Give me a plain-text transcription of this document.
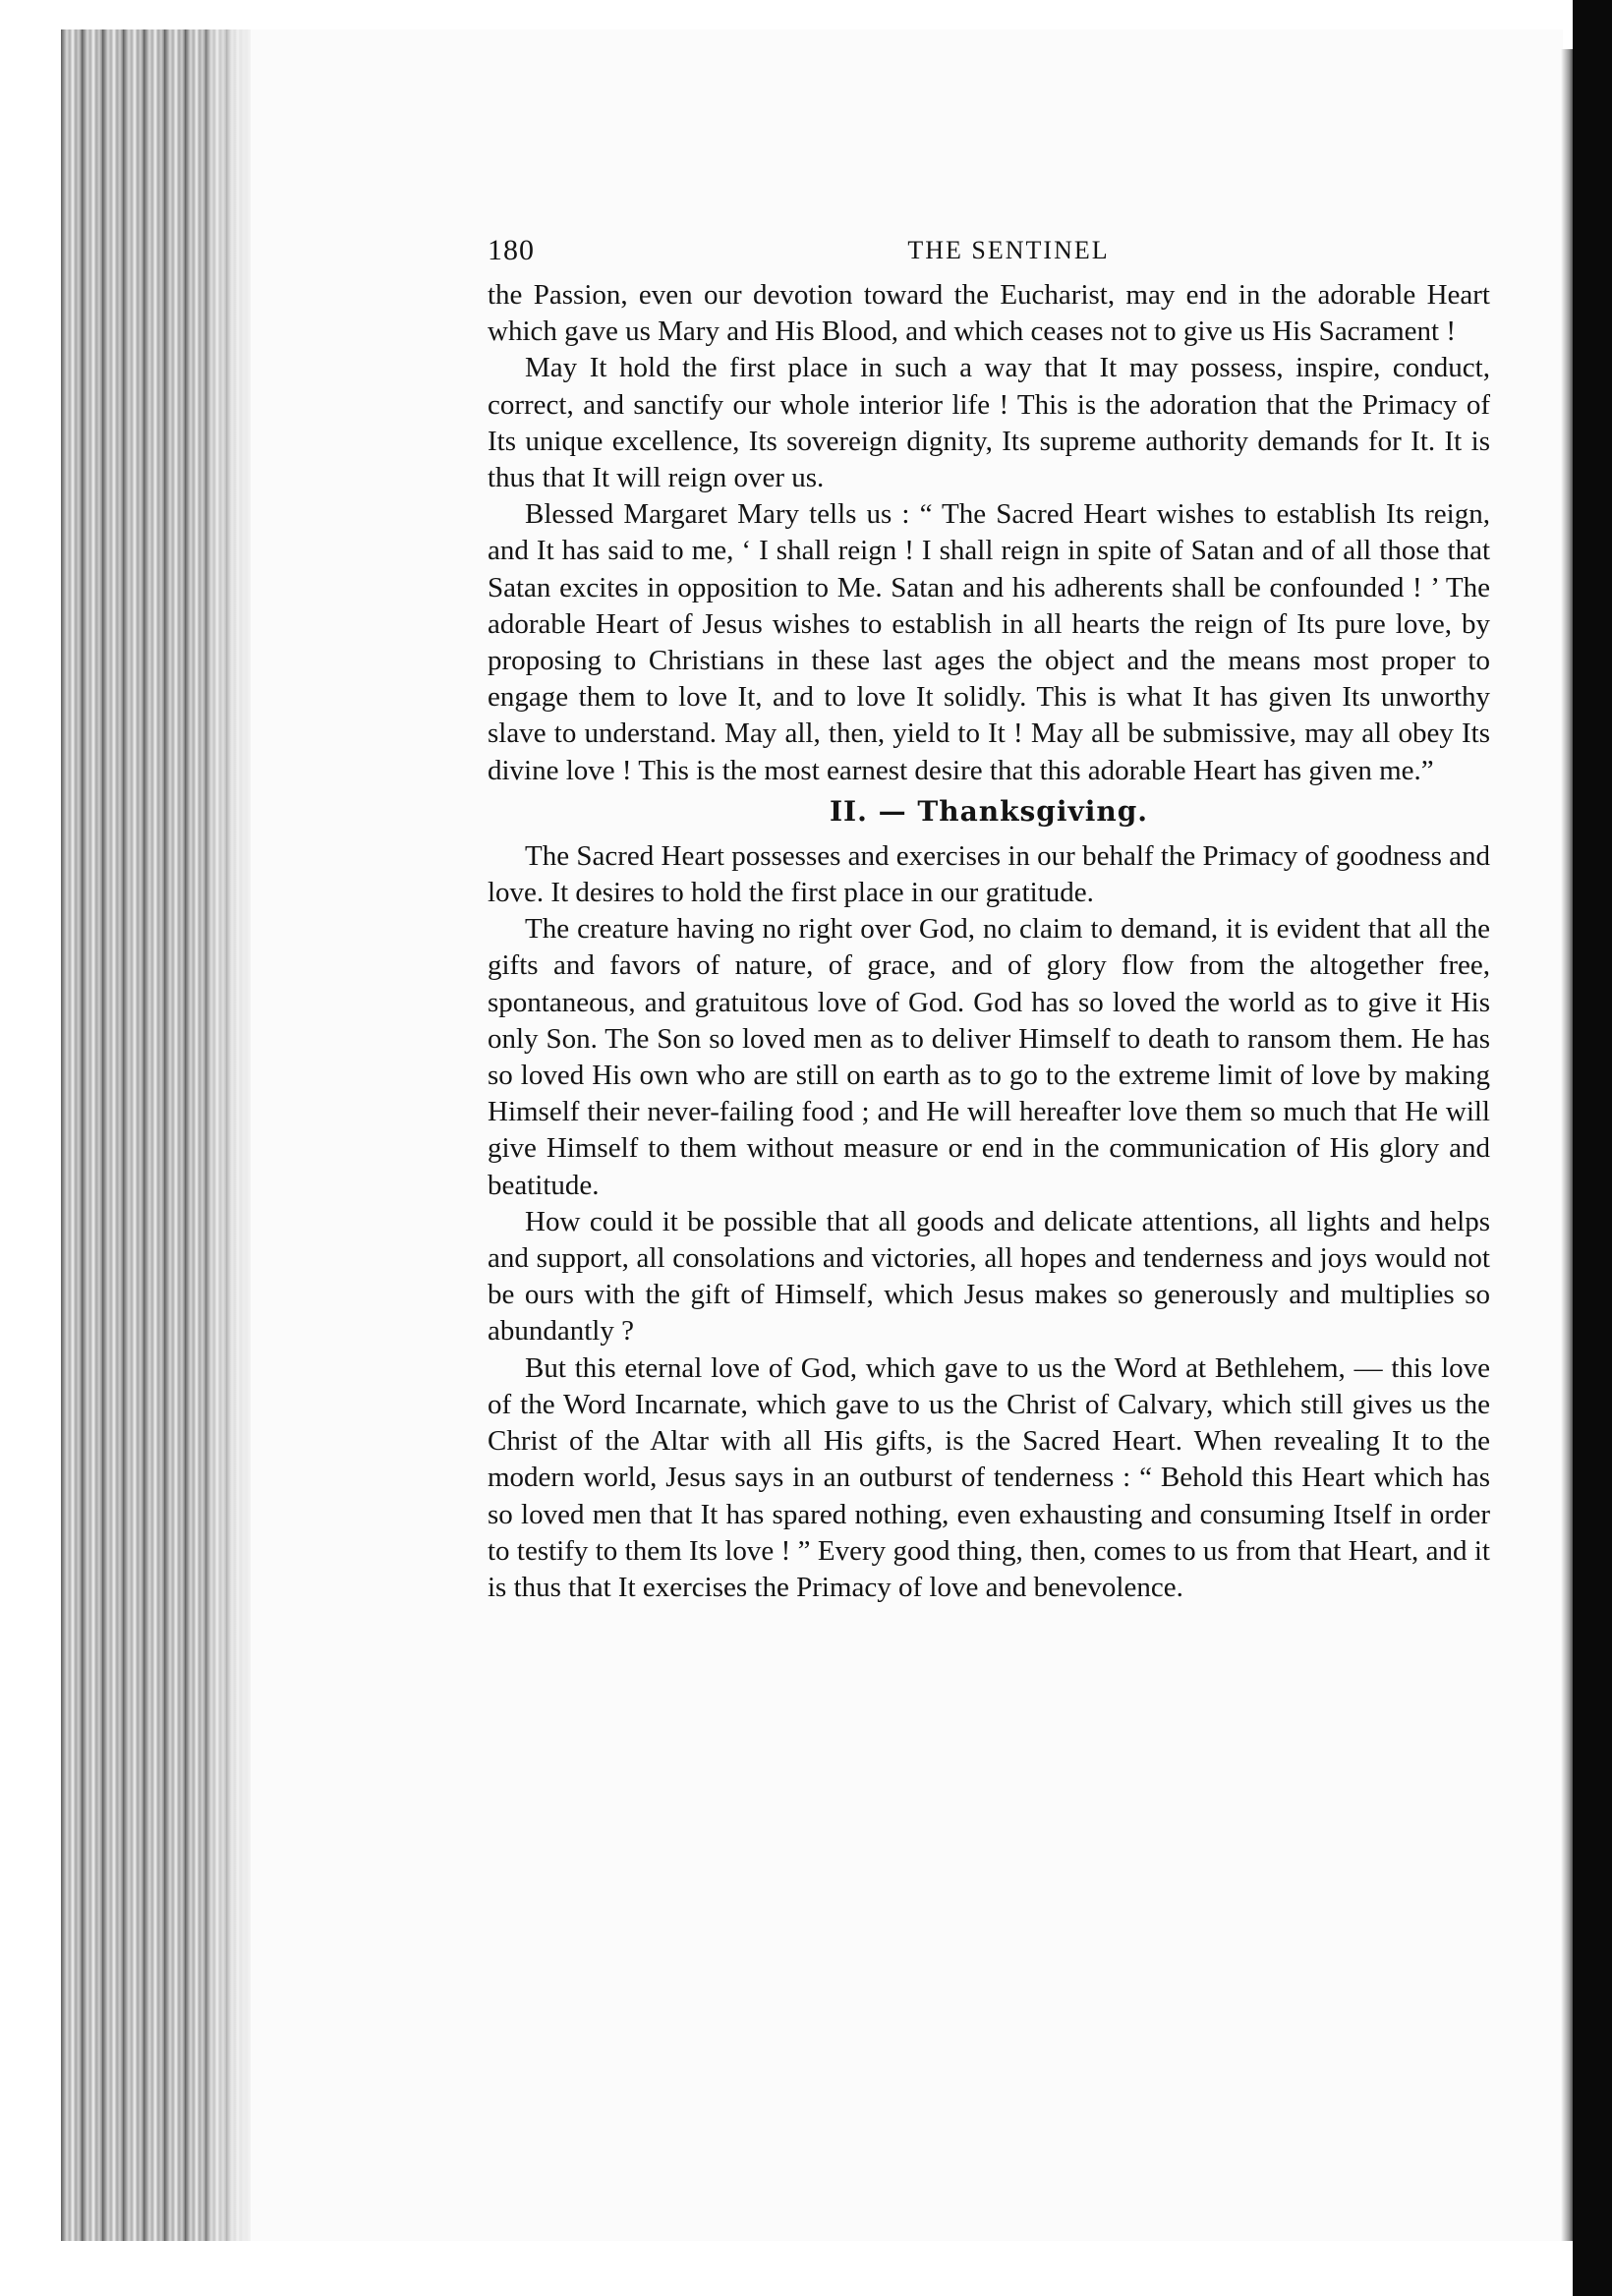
180	THE SENTINEL

the Passion, even our devotion toward the Eucharist, may end in the adorable Heart which gave us Mary and His Blood, and which ceases not to give us His Sacrament !

May It hold the first place in such a way that It may possess, inspire, conduct, correct, and sanctify our whole interior life ! This is the adoration that the Primacy of Its unique excellence, Its sovereign dignity, Its supreme authority demands for It. It is thus that It will reign over us.

Blessed Margaret Mary tells us : “ The Sacred Heart wishes to establish Its reign, and It has said to me, ‘ I shall reign ! I shall reign in spite of Satan and of all those that Satan excites in opposition to Me. Satan and his adherents shall be confounded ! ’ The adorable Heart of Jesus wishes to establish in all hearts the reign of Its pure love, by proposing to Christians in these last ages the object and the means most proper to engage them to love It, and to love It solidly. This is what It has given Its unworthy slave to understand. May all, then, yield to It ! May all be submissive, may all obey Its divine love ! This is the most earnest desire that this adorable Heart has given me.”

II. — Thanksgiving.

The Sacred Heart possesses and exercises in our behalf the Primacy of goodness and love. It desires to hold the first place in our gratitude.

The creature having no right over God, no claim to demand, it is evident that all the gifts and favors of nature, of grace, and of glory flow from the altogether free, spontaneous, and gratuitous love of God. God has so loved the world as to give it His only Son. The Son so loved men as to deliver Himself to death to ransom them. He has so loved His own who are still on earth as to go to the extreme limit of love by making Himself their never-failing food ; and He will hereafter love them so much that He will give Himself to them without measure or end in the communication of His glory and beatitude.

How could it be possible that all goods and delicate attentions, all lights and helps and support, all consolations and victories, all hopes and tenderness and joys would not be ours with the gift of Himself, which Jesus makes so generously and multiplies so abundantly ?

But this eternal love of God, which gave to us the Word at Bethlehem, — this love of the Word Incarnate, which gave to us the Christ of Calvary, which still gives us the Christ of the Altar with all His gifts, is the Sacred Heart. When revealing It to the modern world, Jesus says in an outburst of tenderness : “ Behold this Heart which has so loved men that It has spared nothing, even exhausting and consuming Itself in order to testify to them Its love ! ” Every good thing, then, comes to us from that Heart, and it is thus that It exercises the Primacy of love and benevolence.
